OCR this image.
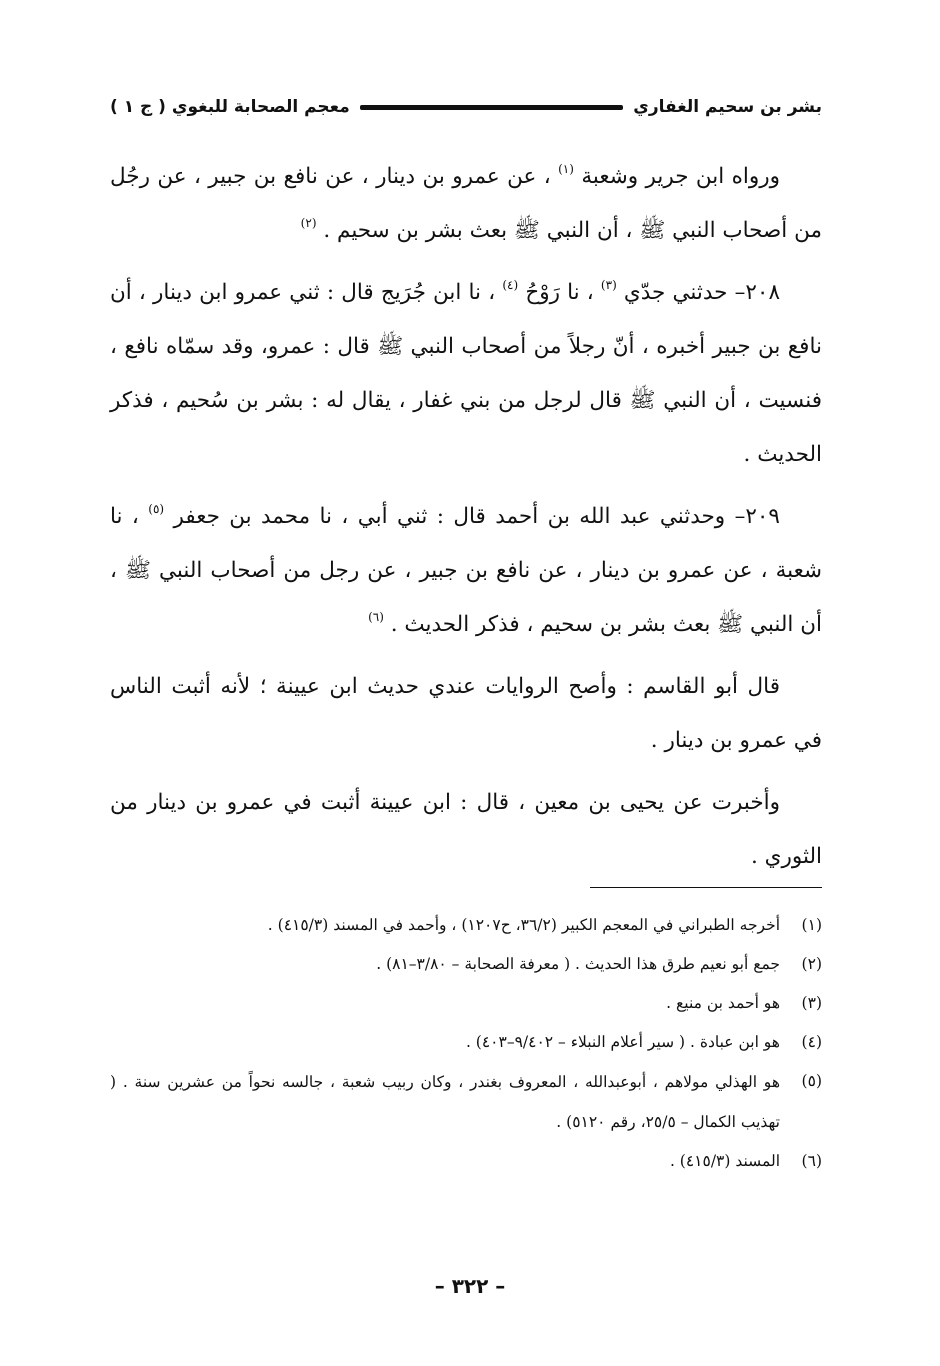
بشر بن سحيم الغفاري
معجم الصحابة للبغوي ( ج ١ )

ورواه ابن جرير وشعبة $^{(١)}$ ، عن عمرو بن دينار ، عن نافع بن جبير ، عن رجُل من أصحاب النبي ﷺ ، أن النبي ﷺ بعث بشر بن سحيم . $^{(٢)}$

٢٠٨– حدثني جدّي $^{(٣)}$ ، نا رَوْحُ $^{(٤)}$ ، نا ابن جُرَيج قال : ثني عمرو ابن دينار ، أن نافع بن جبير أخبره ، أنّ رجلاً من أصحاب النبي ﷺ قال : عمرو، وقد سمّاه نافع ، فنسيت ، أن النبي ﷺ قال لرجل من بني غفار ، يقال له : بشر بن سُحيم ، فذكر الحديث .

٢٠٩– وحدثني عبد الله بن أحمد قال : ثني أبي ، نا محمد بن جعفر $^{(٥)}$ ، نا شعبة ، عن عمرو بن دينار ، عن نافع بن جبير ، عن رجل من أصحاب النبي ﷺ ، أن النبي ﷺ بعث بشر بن سحيم ، فذكر الحديث . $^{(٦)}$

قال أبو القاسم : وأصح الروايات عندي حديث ابن عيينة ؛ لأنه أثبت الناس في عمرو بن دينار .

وأخبرت عن يحيى بن معين ، قال : ابن عيينة أثبت في عمرو بن دينار من الثوري .

(١)
أخرجه الطبراني في المعجم الكبير (٣٦/٢، ح١٢٠٧) ، وأحمد في المسند (٤١٥/٣) .
(٢)
جمع أبو نعيم طرق هذا الحديث . ( معرفة الصحابة – ٣/٨٠–٨١) .
(٣)
هو أحمد بن منيع .
(٤)
هو ابن عبادة . ( سير أعلام النبلاء – ٩/٤٠٢–٤٠٣) .
(٥)
هو الهذلي مولاهم ، أبوعبدالله ، المعروف بغندر ، وكان ربيب شعبة ، جالسه نحواً من عشرين سنة . ( تهذيب الكمال – ٢٥/٥، رقم ٥١٢٠) .
(٦)
المسند (٤١٥/٣) .
– ٣٢٢ –
